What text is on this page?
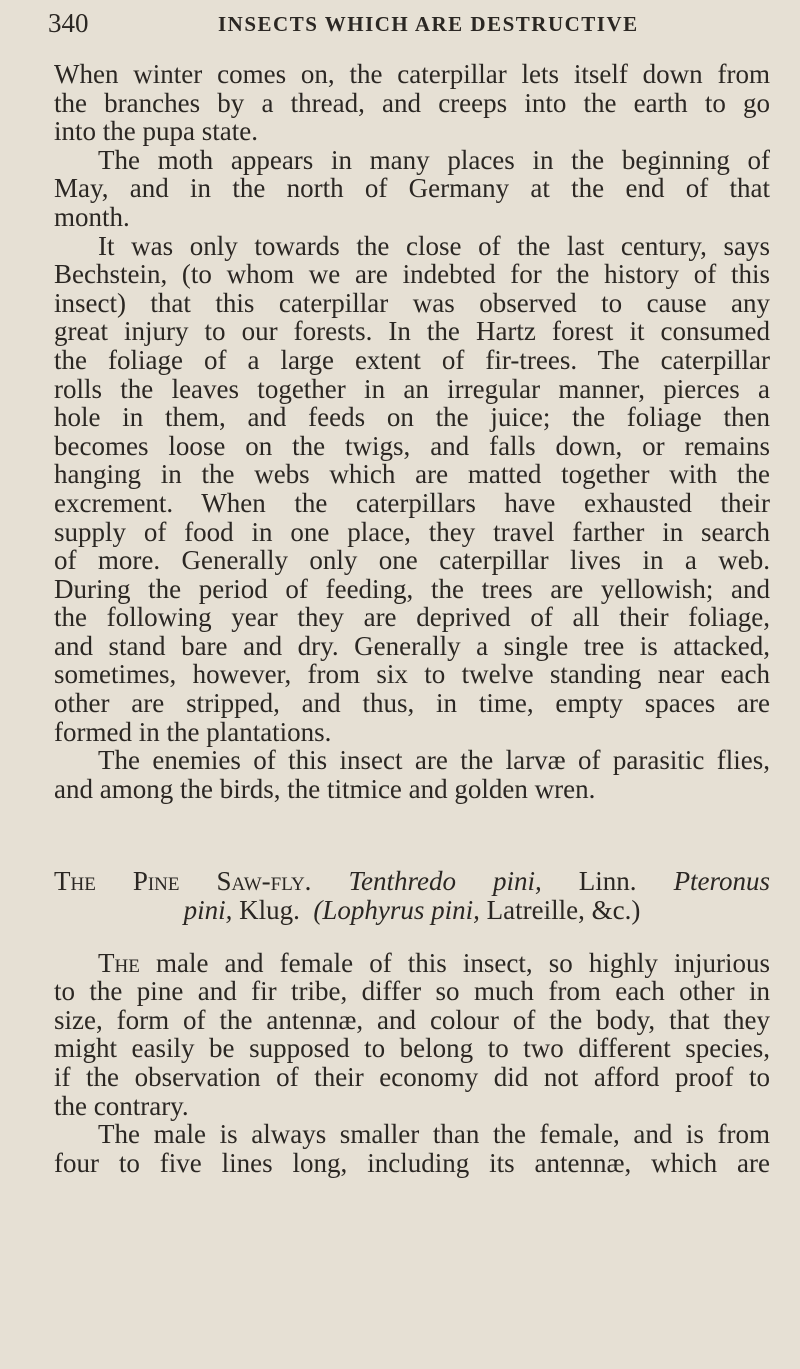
340	INSECTS WHICH ARE DESTRUCTIVE
When winter comes on, the caterpillar lets itself down from
the branches by a thread, and creeps into the earth to go
into the pupa state.
The moth appears in many places in the beginning of
May, and in the north of Germany at the end of that
month.
It was only towards the close of the last century, says
Bechstein, (to whom we are indebted for the history of this
insect) that this caterpillar was observed to cause any
great injury to our forests. In the Hartz forest it consumed
the foliage of a large extent of fir-trees. The caterpillar
rolls the leaves together in an irregular manner, pierces a
hole in them, and feeds on the juice; the foliage then
becomes loose on the twigs, and falls down, or remains
hanging in the webs which are matted together with the
excrement. When the caterpillars have exhausted their
supply of food in one place, they travel farther in search
of more. Generally only one caterpillar lives in a web.
During the period of feeding, the trees are yellowish; and
the following year they are deprived of all their foliage,
and stand bare and dry. Generally a single tree is attacked,
sometimes, however, from six to twelve standing near each
other are stripped, and thus, in time, empty spaces are
formed in the plantations.
The enemies of this insect are the larvæ of parasitic flies,
and among the birds, the titmice and golden wren.
The Pine Saw-fly. Tenthredo pini, Linn. Pteronus
pini, Klug. (Lophyrus pini, Latreille, &c.)
The male and female of this insect, so highly injurious
to the pine and fir tribe, differ so much from each other in
size, form of the antennæ, and colour of the body, that they
might easily be supposed to belong to two different species,
if the observation of their economy did not afford proof to
the contrary.
The male is always smaller than the female, and is from
four to five lines long, including its antennæ, which are
